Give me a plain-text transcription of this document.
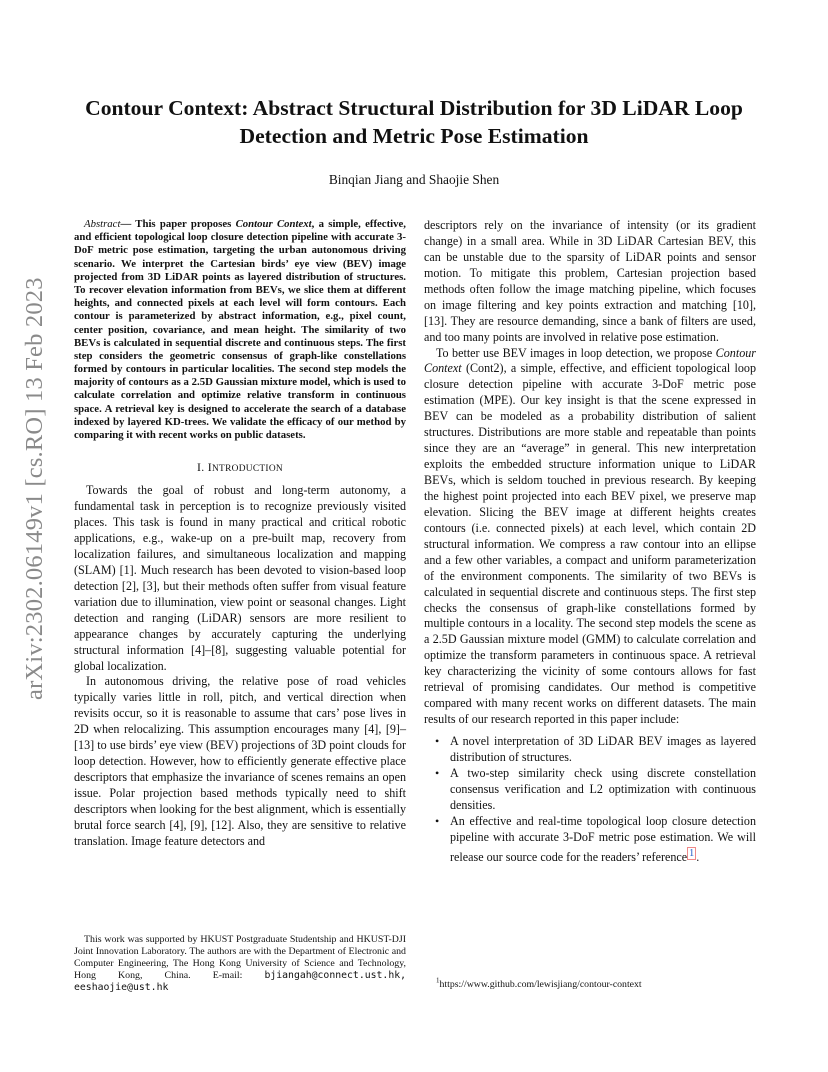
arXiv:2302.06149v1 [cs.RO] 13 Feb 2023
Contour Context: Abstract Structural Distribution for 3D LiDAR Loop Detection and Metric Pose Estimation
Binqian Jiang and Shaojie Shen

Abstract— This paper proposes Contour Context, a simple, effective, and efficient topological loop closure detection pipeline with accurate 3-DoF metric pose estimation, targeting the urban autonomous driving scenario. We interpret the Cartesian birds’ eye view (BEV) image projected from 3D LiDAR points as layered distribution of structures. To recover elevation information from BEVs, we slice them at different heights, and connected pixels at each level will form contours. Each contour is parameterized by abstract information, e.g., pixel count, center position, covariance, and mean height. The similarity of two BEVs is calculated in sequential discrete and continuous steps. The first step considers the geometric consensus of graph-like constellations formed by contours in particular localities. The second step models the majority of contours as a 2.5D Gaussian mixture model, which is used to calculate correlation and optimize relative transform in continuous space. A retrieval key is designed to accelerate the search of a database indexed by layered KD-trees. We validate the efficacy of our method by comparing it with recent works on public datasets.

I. INTRODUCTION

Towards the goal of robust and long-term autonomy, a fundamental task in perception is to recognize previously visited places. This task is found in many practical and critical robotic applications, e.g., wake-up on a pre-built map, recovery from localization failures, and simultaneous localization and mapping (SLAM) [1]. Much research has been devoted to vision-based loop detection [2], [3], but their methods often suffer from visual feature variation due to illumination, view point or seasonal changes. Light detection and ranging (LiDAR) sensors are more resilient to appearance changes by accurately capturing the underlying structural information [4]–[8], suggesting valuable potential for global localization.

In autonomous driving, the relative pose of road vehicles typically varies little in roll, pitch, and vertical direction when revisits occur, so it is reasonable to assume that cars’ pose lives in 2D when relocalizing. This assumption encourages many [4], [9]–[13] to use birds’ eye view (BEV) projections of 3D point clouds for loop detection. However, how to efficiently generate effective place descriptors that emphasize the invariance of scenes remains an open issue. Polar projection based methods typically need to shift descriptors when looking for the best alignment, which is essentially brutal force search [4], [9], [12]. Also, they are sensitive to relative translation. Image feature detectors and

descriptors rely on the invariance of intensity (or its gradient change) in a small area. While in 3D LiDAR Cartesian BEV, this can be unstable due to the sparsity of LiDAR points and sensor motion. To mitigate this problem, Cartesian projection based methods often follow the image matching pipeline, which focuses on image filtering and key points extraction and matching [10], [13]. They are resource demanding, since a bank of filters are used, and too many points are involved in relative pose estimation.

To better use BEV images in loop detection, we propose Contour Context (Cont2), a simple, effective, and efficient topological loop closure detection pipeline with accurate 3-DoF metric pose estimation (MPE). Our key insight is that the scene expressed in BEV can be modeled as a probability distribution of salient structures. Distributions are more stable and repeatable than points since they are an “average” in general. This new interpretation exploits the embedded structure information unique to LiDAR BEVs, which is seldom touched in previous research. By keeping the highest point projected into each BEV pixel, we preserve map elevation. Slicing the BEV image at different heights creates contours (i.e. connected pixels) at each level, which contain 2D structural information. We compress a raw contour into an ellipse and a few other variables, a compact and uniform parameterization of the environment components. The similarity of two BEVs is calculated in sequential discrete and continuous steps. The first step checks the consensus of graph-like constellations formed by multiple contours in a locality. The second step models the scene as a 2.5D Gaussian mixture model (GMM) to calculate correlation and optimize the transform parameters in continuous space. A retrieval key characterizing the vicinity of some contours allows for fast retrieval of promising candidates. Our method is competitive compared with many recent works on different datasets. The main results of our research reported in this paper include:

• A novel interpretation of 3D LiDAR BEV images as layered distribution of structures.
• A two-step similarity check using discrete constellation consensus verification and L2 optimization with continuous densities.
• An effective and real-time topological loop closure detection pipeline with accurate 3-DoF metric pose estimation. We will release our source code for the readers’ reference $^1$ .
This work was supported by HKUST Postgraduate Studentship and HKUST-DJI Joint Innovation Laboratory. The authors are with the Department of Electronic and Computer Engineering, The Hong Kong University of Science and Technology, Hong Kong, China. E-mail: bjiangah@connect.ust.hk, eeshaojie@ust.hk
$^1$https://www.github.com/lewisjiang/contour-context
